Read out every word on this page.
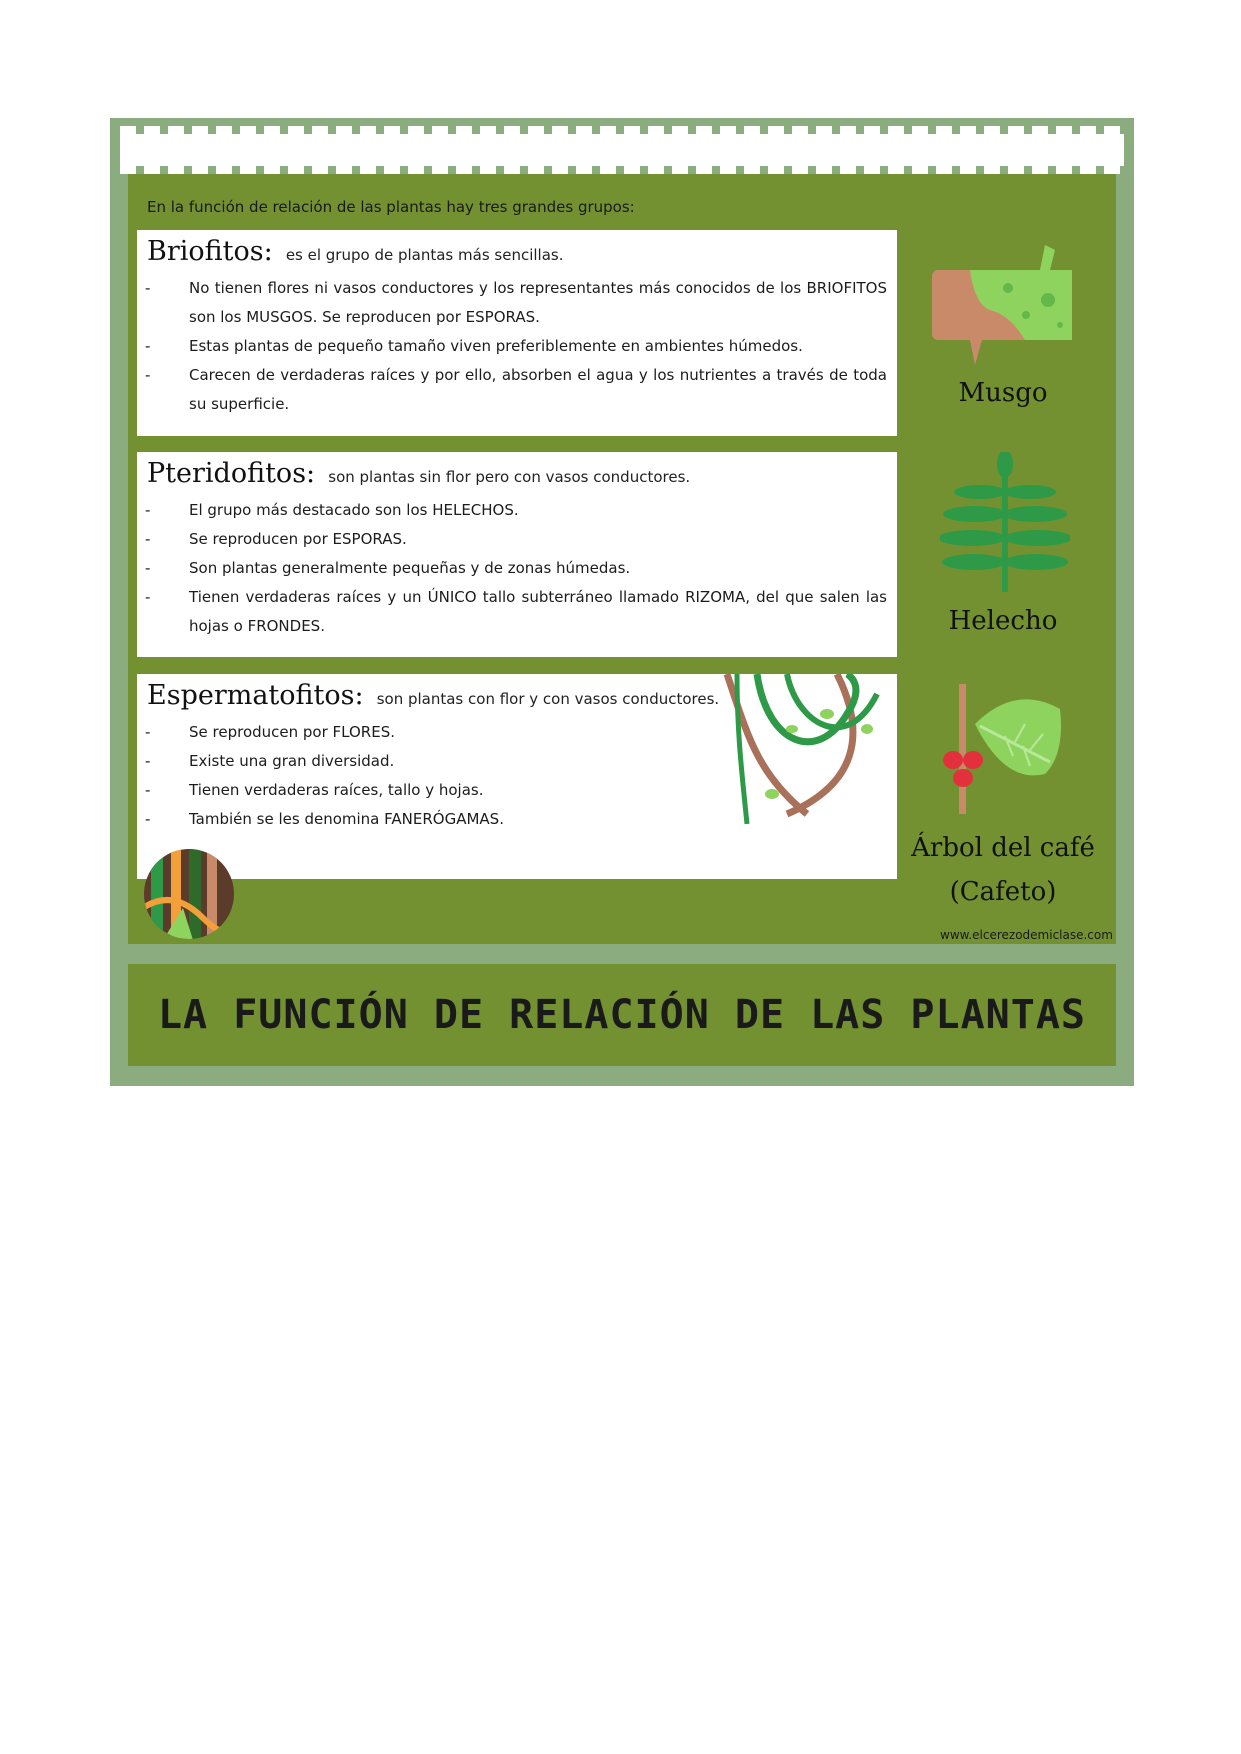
LA FUNCIÓN DE RELACIÓN DE LAS PLANTAS
En la función de relación de las plantas hay tres grandes grupos:
Briofitos: es el grupo de plantas más sencillas.
-	No tienen flores ni vasos conductores y los representantes más conocidos de los BRIOFITOS son los MUSGOS. Se reproducen por ESPORAS.
-	Estas plantas de pequeño tamaño viven preferiblemente en ambientes húmedos.
-	Carecen de verdaderas raíces y por ello, absorben el agua y los nutrientes a través de toda su superficie.
Pteridofitos: son plantas sin flor pero con vasos conductores.
-	El grupo más destacado son los HELECHOS.
-	Se reproducen por ESPORAS.
-	Son plantas generalmente pequeñas y de zonas húmedas.
-	Tienen verdaderas raíces y un ÚNICO tallo subterráneo llamado RIZOMA, del que salen las hojas o FRONDES.
Espermatofitos: son plantas con flor y con vasos conductores.
-	Se reproducen por FLORES.
-	Existe una gran diversidad.
-	Tienen verdaderas raíces, tallo y hojas.
-	También se les denomina FANERÓGAMAS.
Musgo
Helecho
Árbol del café
(Cafeto)
www.elcerezodemiclase.com
